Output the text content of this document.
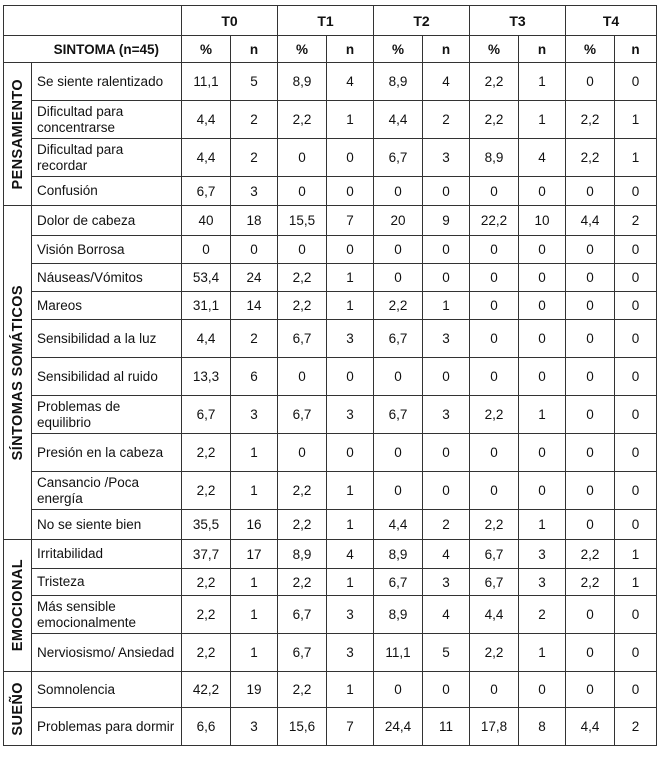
		T0		T1		T2		T3		T4	
SINTOMA (n=45)		%	n	%	n	%	n	%	n	%	n

PENSAMIENTO	Se siente ralentizado	11,1	5	8,9	4	8,9	4	2,2	1	0	0
	Dificultad para concentrarse	4,4	2	2,2	1	4,4	2	2,2	1	2,2	1
	Dificultad para recordar	4,4	2	0	0	6,7	3	8,9	4	2,2	1
	Confusión	6,7	3	0	0	0	0	0	0	0	0

SÍNTOMAS SOMÁTICOS	Dolor de cabeza	40	18	15,5	7	20	9	22,2	10	4,4	2
	Visión Borrosa	0	0	0	0	0	0	0	0	0	0
	Náuseas/Vómitos	53,4	24	2,2	1	0	0	0	0	0	0
	Mareos	31,1	14	2,2	1	2,2	1	0	0	0	0
	Sensibilidad a la luz	4,4	2	6,7	3	6,7	3	0	0	0	0
	Sensibilidad al ruido	13,3	6	0	0	0	0	0	0	0	0
	Problemas de equilibrio	6,7	3	6,7	3	6,7	3	2,2	1	0	0
	Presión en la cabeza	2,2	1	0	0	0	0	0	0	0	0
	Cansancio /Poca energía	2,2	1	2,2	1	0	0	0	0	0	0
	No se siente bien	35,5	16	2,2	1	4,4	2	2,2	1	0	0

EMOCIONAL	Irritabilidad	37,7	17	8,9	4	8,9	4	6,7	3	2,2	1
	Tristeza	2,2	1	2,2	1	6,7	3	6,7	3	2,2	1
	Más sensible emocionalmente	2,2	1	6,7	3	8,9	4	4,4	2	0	0
	Nerviosismo/ Ansiedad	2,2	1	6,7	3	11,1	5	2,2	1	0	0

SUEÑO	Somnolencia	42,2	19	2,2	1	0	0	0	0	0	0
	Problemas para dormir	6,6	3	15,6	7	24,4	11	17,8	8	4,4	2
